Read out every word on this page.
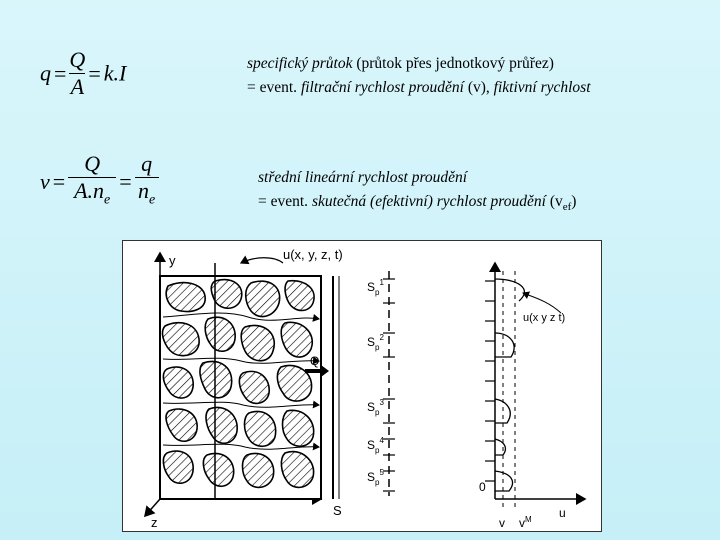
$q = \frac{Q}{A} = k.I$	specifický průtok (průtok přes jednotkový průřez)
= event. filtrační rychlost proudění (v), fiktivní rychlost
$v = \frac{Q}{A.n_e} = \frac{q}{n_e}$	střední lineární rychlost proudění
= event. skutečná (efektivní) rychlost proudění $(v_{ef})$
y
z
u(x, y, z, t)
Q
S
$S_p^1$
$S_p^2$
$S_p^3$
$S_p^4$
$S_p^5$
u(x y z t)
0
u
v $v^M$
